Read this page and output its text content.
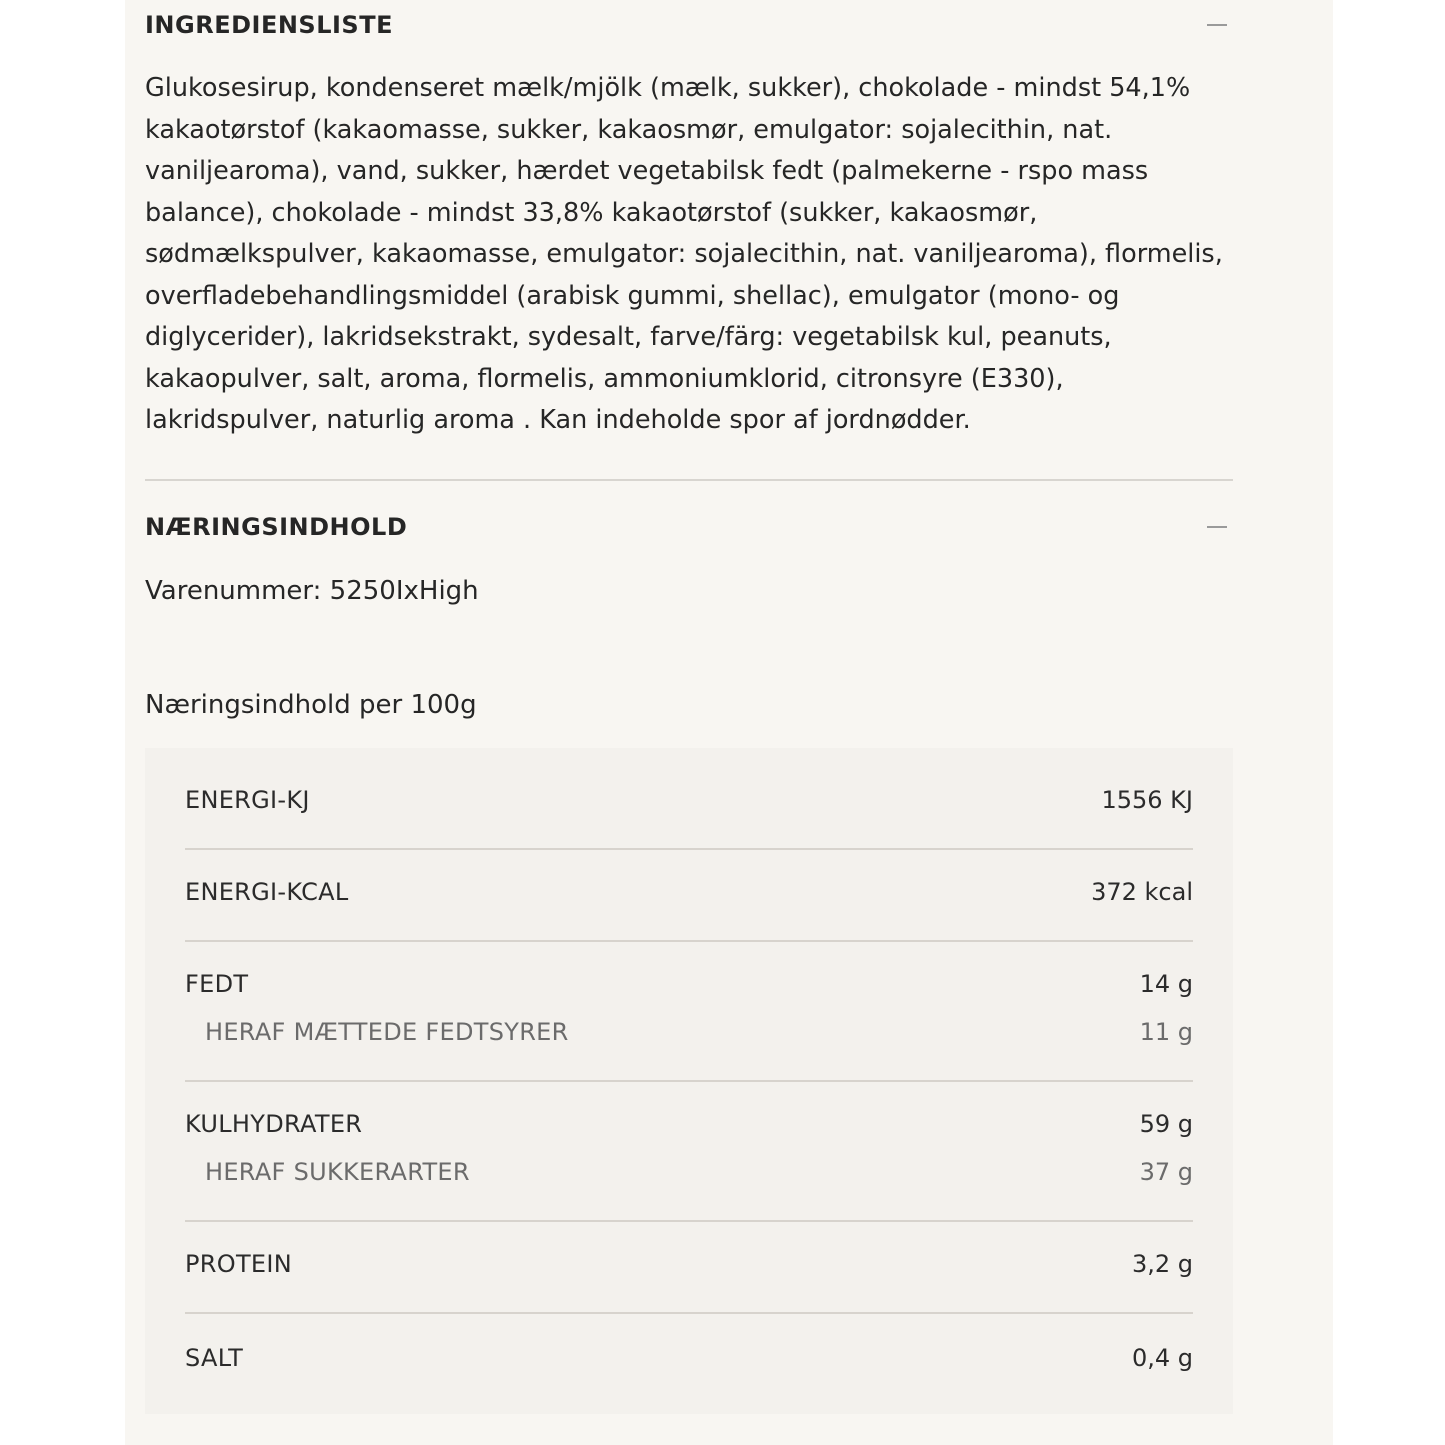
INGREDIENSLISTE
Glukosesirup, kondenseret mælk/mjölk (mælk, sukker), chokolade - mindst 54,1% kakaotørstof (kakaomasse, sukker, kakaosmør, emulgator: sojalecithin, nat. vaniljearoma), vand, sukker, hærdet vegetabilsk fedt (palmekerne - rspo mass balance), chokolade - mindst 33,8% kakaotørstof (sukker, kakaosmør, sødmælkspulver, kakaomasse, emulgator: sojalecithin, nat. vaniljearoma), flormelis, overfladebehandlingsmiddel (arabisk gummi, shellac), emulgator (mono- og diglycerider), lakridsekstrakt, sydesalt, farve/färg: vegetabilsk kul, peanuts, kakaopulver, salt, aroma, flormelis, ammoniumklorid, citronsyre (E330), lakridspulver, naturlig aroma . Kan indeholde spor af jordnødder.
NÆRINGSINDHOLD
Varenummer: 5250IxHigh
Næringsindhold per 100g
ENERGI-KJ	1556 KJ
ENERGI-KCAL	372 kcal
FEDT	14 g
HERAF MÆTTEDE FEDTSYRER	11 g
KULHYDRATER	59 g
HERAF SUKKERARTER	37 g
PROTEIN	3,2 g
SALT	0,4 g
